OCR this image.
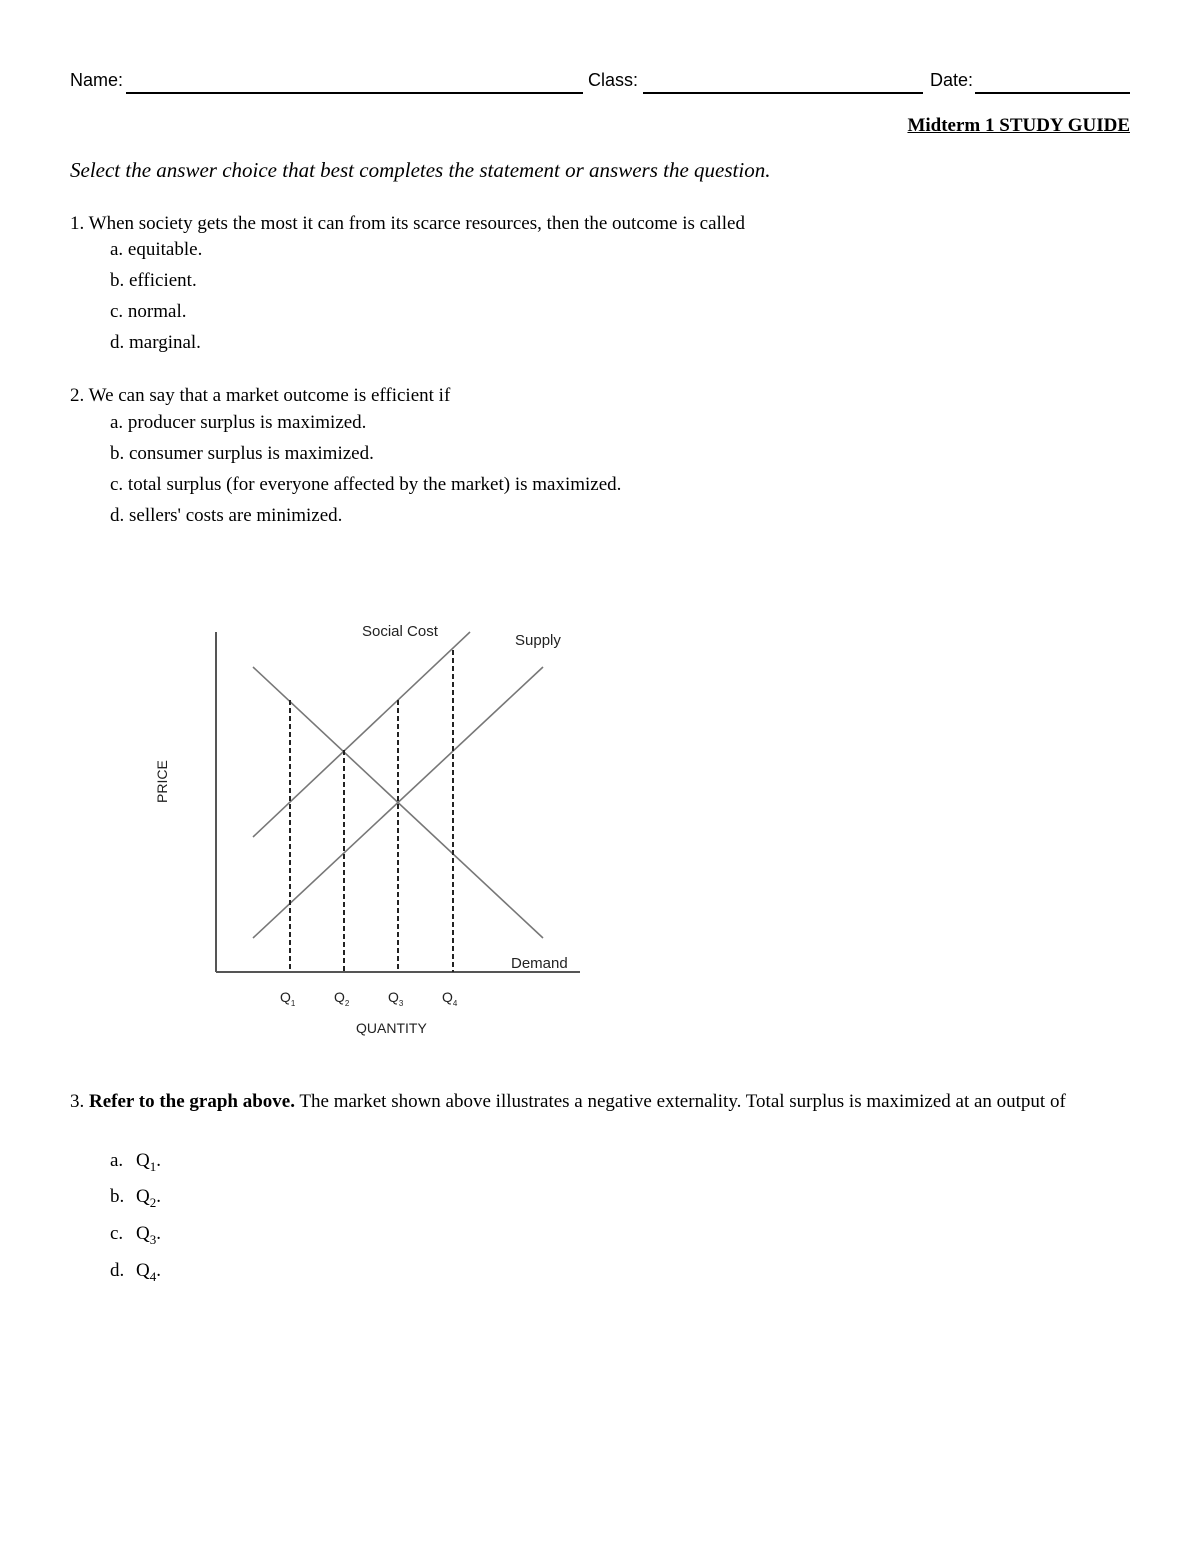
Name:	Class:	Date:
Midterm 1 STUDY GUIDE
Select the answer choice that best completes the statement or answers the question.
1. When society gets the most it can from its scarce resources, then the outcome is called
a. equitable.
b. efficient.
c. normal.
d. marginal.
2. We can say that a market outcome is efficient if
a. producer surplus is maximized.
b. consumer surplus is maximized.
c. total surplus (for everyone affected by the market) is maximized.
d. sellers' costs are minimized.
Social Cost
Supply
Demand
$Q_1$	$Q_2$	$Q_3$	$Q_4$
QUANTITY
PRICE
3. Refer to the graph above. The market shown above illustrates a negative externality. Total surplus is maximized at an output of
a. $Q_1$.
b. $Q_2$.
c. $Q_3$.
d. $Q_4$.
